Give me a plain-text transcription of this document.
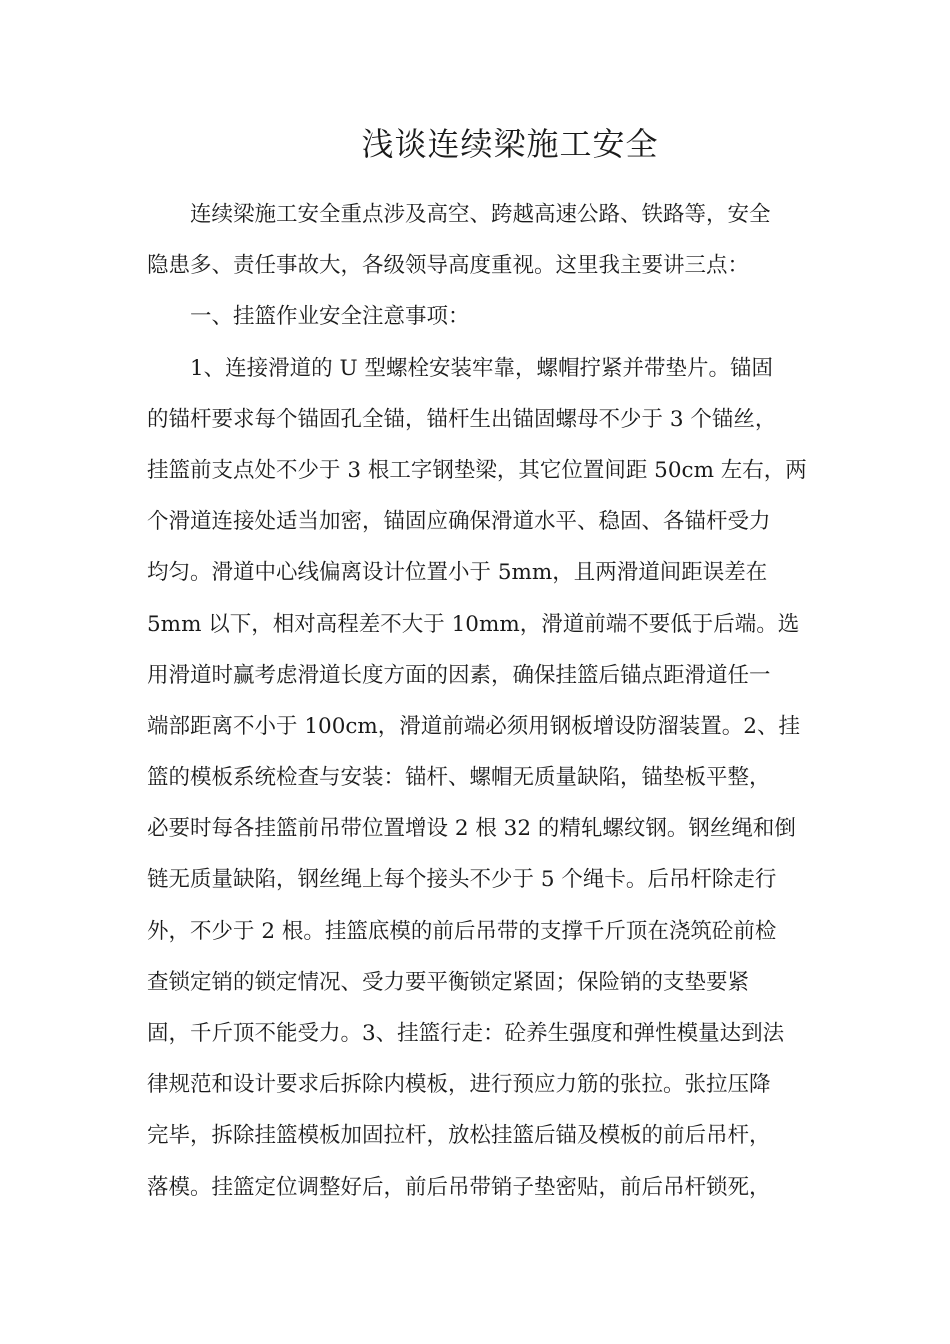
浅谈连续梁施工安全
　　连续梁施工安全重点涉及高空、跨越高速公路、铁路等，安全
隐患多、责任事故大，各级领导高度重视。这里我主要讲三点：
　　一、挂篮作业安全注意事项：
　　1、连接滑道的 U 型螺栓安装牢靠，螺帽拧紧并带垫片。锚固
的锚杆要求每个锚固孔全锚，锚杆生出锚固螺母不少于 3 个锚丝，
挂篮前支点处不少于 3 根工字钢垫梁，其它位置间距 50cm 左右，两
个滑道连接处适当加密，锚固应确保滑道水平、稳固、各锚杆受力
均匀。滑道中心线偏离设计位置小于 5mm，且两滑道间距误差在
5mm 以下，相对高程差不大于 10mm，滑道前端不要低于后端。选
用滑道时赢考虑滑道长度方面的因素，确保挂篮后锚点距滑道任一
端部距离不小于 100cm，滑道前端必须用钢板增设防溜装置。2、挂
篮的模板系统检查与安装：锚杆、螺帽无质量缺陷，锚垫板平整，
必要时每各挂篮前吊带位置增设 2 根 32 的精轧螺纹钢。钢丝绳和倒
链无质量缺陷，钢丝绳上每个接头不少于 5 个绳卡。后吊杆除走行
外，不少于 2 根。挂篮底模的前后吊带的支撑千斤顶在浇筑砼前检
查锁定销的锁定情况、受力要平衡锁定紧固；保险销的支垫要紧
固，千斤顶不能受力。3、挂篮行走：砼养生强度和弹性模量达到法
律规范和设计要求后拆除内模板，进行预应力筋的张拉。张拉压降
完毕，拆除挂篮模板加固拉杆，放松挂篮后锚及模板的前后吊杆，
落模。挂篮定位调整好后，前后吊带销子垫密贴，前后吊杆锁死，
